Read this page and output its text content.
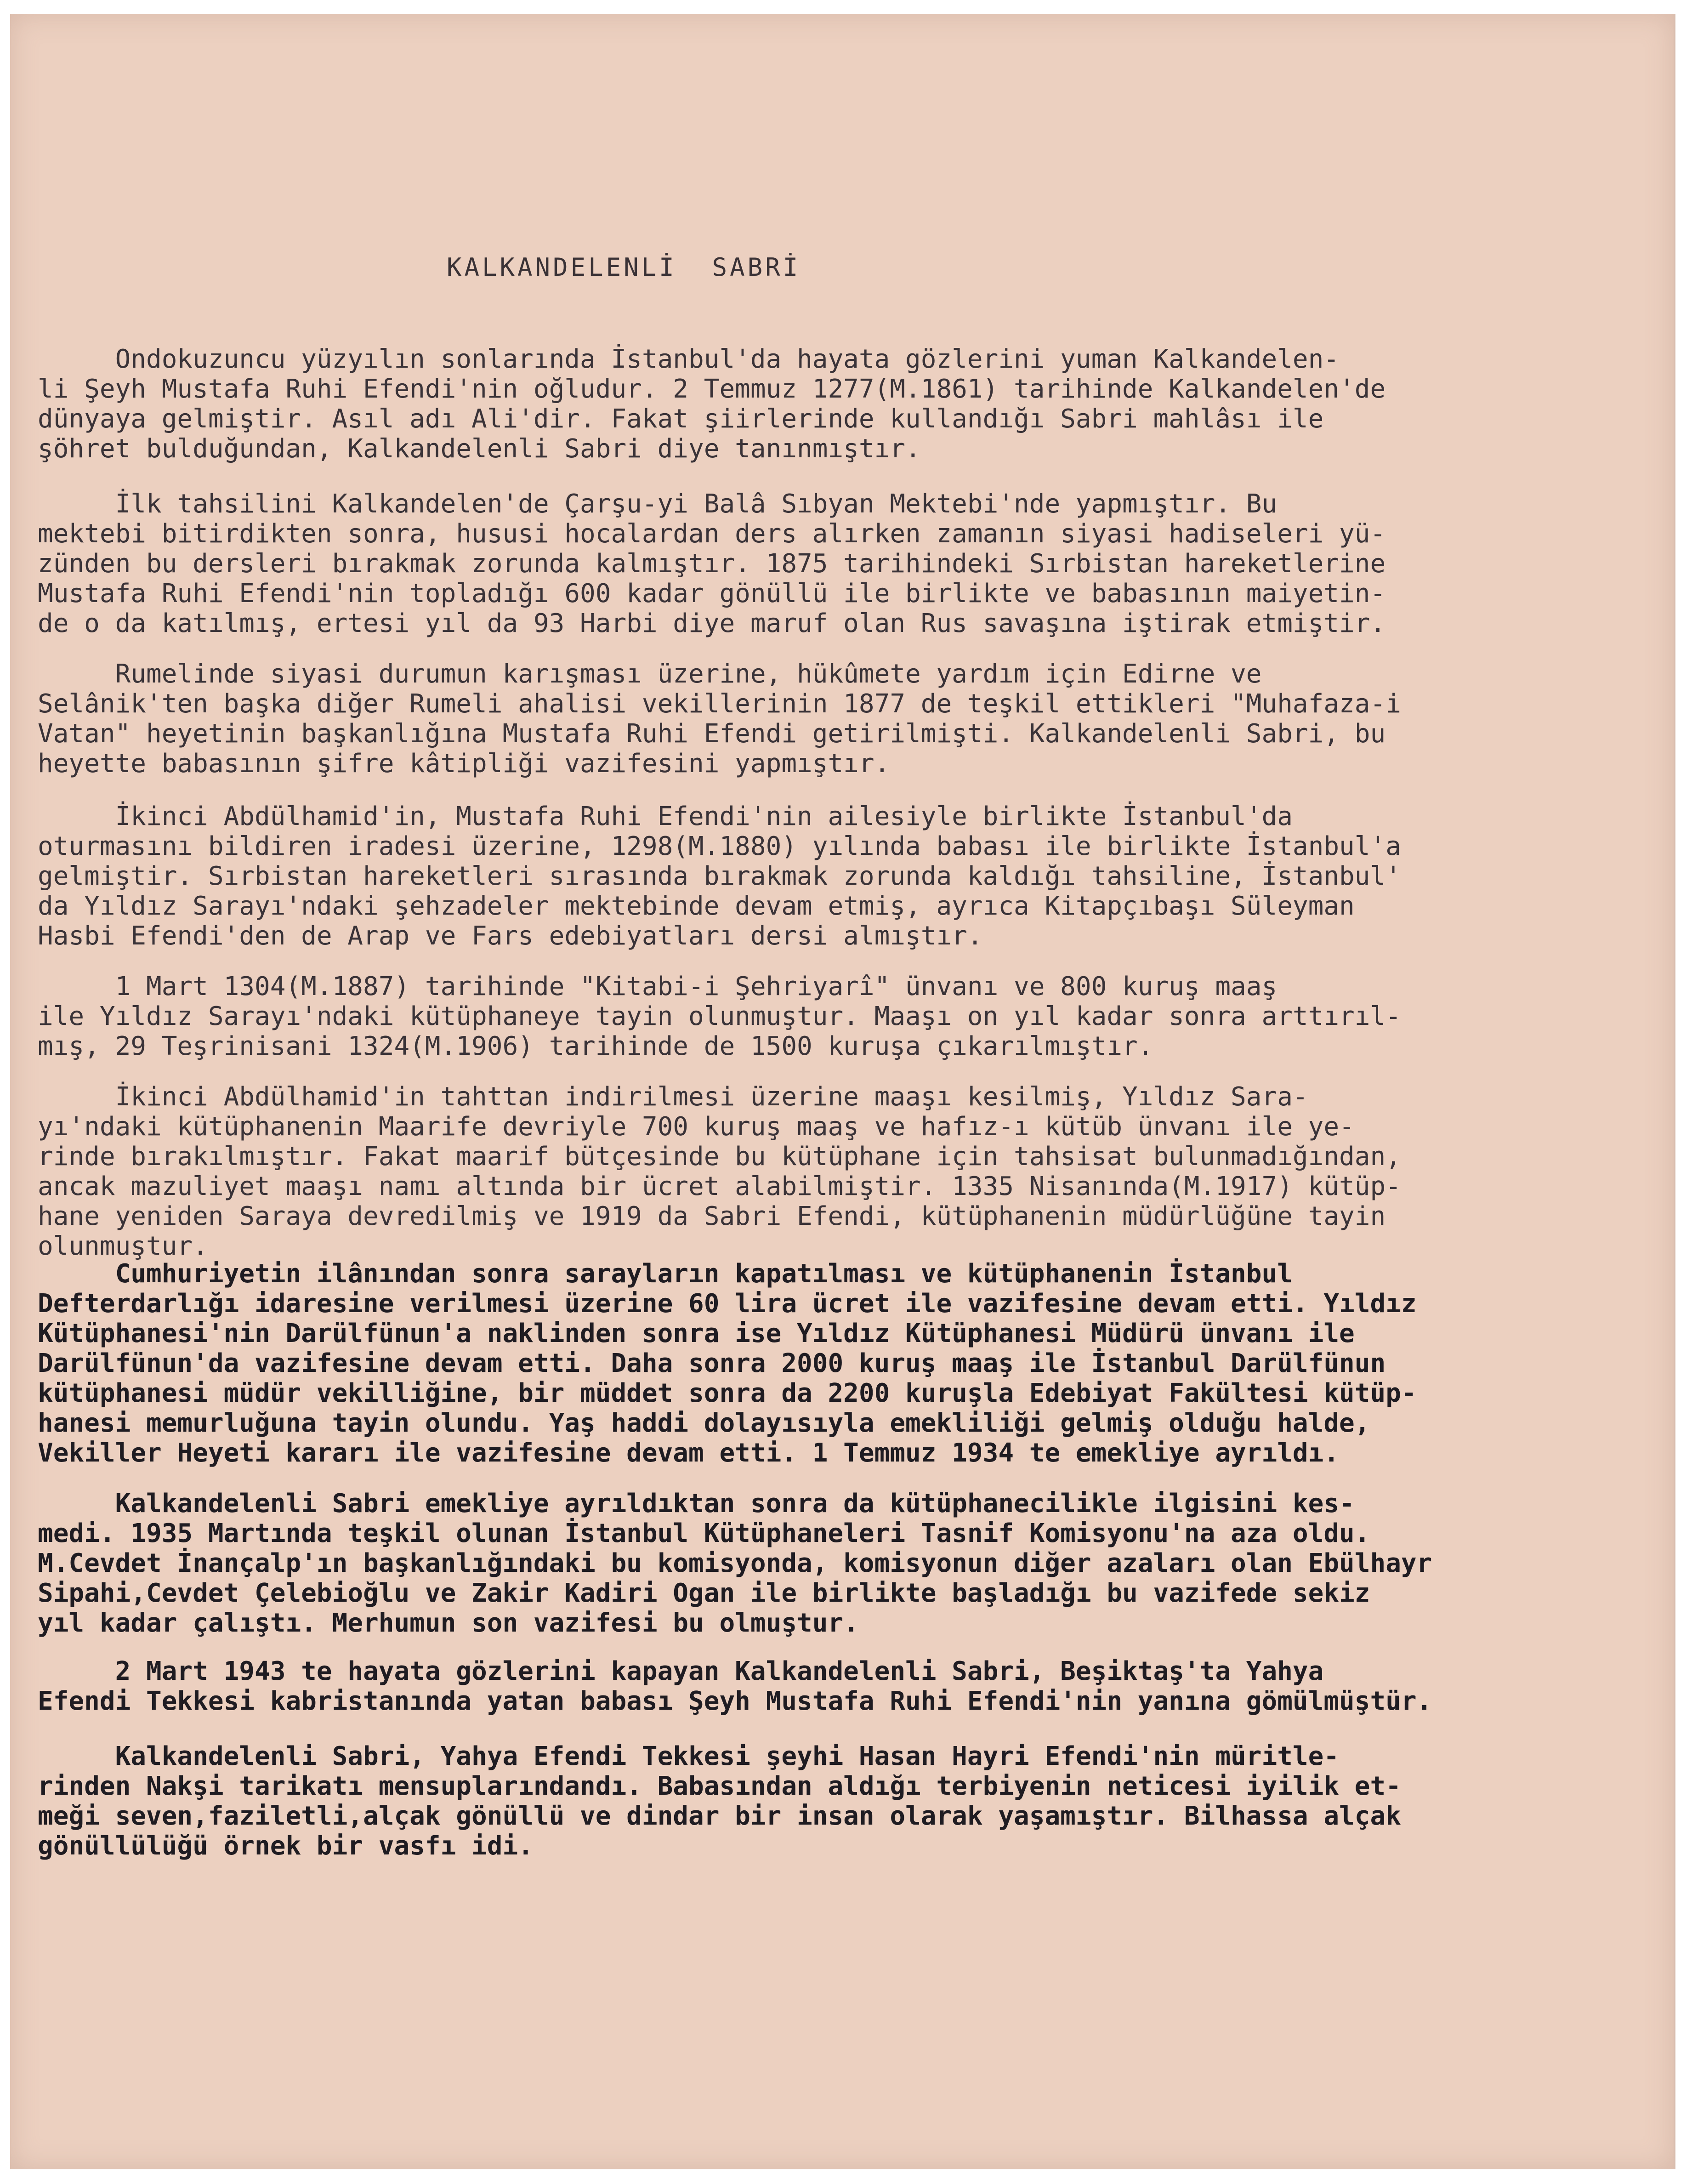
KALKANDELENLİ  SABRİ

Ondokuzuncu yüzyılın sonlarında İstanbul'da hayata gözlerini yuman Kalkandelen-

li Şeyh Mustafa Ruhi Efendi'nin oğludur. 2 Temmuz 1277(M.1861) tarihinde Kalkandelen'de

dünyaya gelmiştir. Asıl adı Ali'dir. Fakat şiirlerinde kullandığı Sabri mahlâsı ile

şöhret bulduğundan, Kalkandelenli Sabri diye tanınmıştır.

İlk tahsilini Kalkandelen'de Çarşu-yi Balâ Sıbyan Mektebi'nde yapmıştır. Bu

mektebi bitirdikten sonra, hususi hocalardan ders alırken zamanın siyasi hadiseleri yü-

zünden bu dersleri bırakmak zorunda kalmıştır. 1875 tarihindeki Sırbistan hareketlerine

Mustafa Ruhi Efendi'nin topladığı 600 kadar gönüllü ile birlikte ve babasının maiyetin-

de o da katılmış, ertesi yıl da 93 Harbi diye maruf olan Rus savaşına iştirak etmiştir.

Rumelinde siyasi durumun karışması üzerine, hükûmete yardım için Edirne ve

Selânik'ten başka diğer Rumeli ahalisi vekillerinin 1877 de teşkil ettikleri "Muhafaza-i

Vatan" heyetinin başkanlığına Mustafa Ruhi Efendi getirilmişti. Kalkandelenli Sabri, bu

heyette babasının şifre kâtipliği vazifesini yapmıştır.

İkinci Abdülhamid'in, Mustafa Ruhi Efendi'nin ailesiyle birlikte İstanbul'da

oturmasını bildiren iradesi üzerine, 1298(M.1880) yılında babası ile birlikte İstanbul'a

gelmiştir. Sırbistan hareketleri sırasında bırakmak zorunda kaldığı tahsiline, İstanbul'

da Yıldız Sarayı'ndaki şehzadeler mektebinde devam etmiş, ayrıca Kitapçıbaşı Süleyman

Hasbi Efendi'den de Arap ve Fars edebiyatları dersi almıştır.

1 Mart 1304(M.1887) tarihinde "Kitabi-i Şehriyarî" ünvanı ve 800 kuruş maaş

ile Yıldız Sarayı'ndaki kütüphaneye tayin olunmuştur. Maaşı on yıl kadar sonra arttırıl-

mış, 29 Teşrinisani 1324(M.1906) tarihinde de 1500 kuruşa çıkarılmıştır.

İkinci Abdülhamid'in tahttan indirilmesi üzerine maaşı kesilmiş, Yıldız Sara-

yı'ndaki kütüphanenin Maarife devriyle 700 kuruş maaş ve hafız-ı kütüb ünvanı ile ye-

rinde bırakılmıştır. Fakat maarif bütçesinde bu kütüphane için tahsisat bulunmadığından,

ancak mazuliyet maaşı namı altında bir ücret alabilmiştir. 1335 Nisanında(M.1917) kütüp-

hane yeniden Saraya devredilmiş ve 1919 da Sabri Efendi, kütüphanenin müdürlüğüne tayin

olunmuştur.

Cumhuriyetin ilânından sonra sarayların kapatılması ve kütüphanenin İstanbul

Defterdarlığı idaresine verilmesi üzerine 60 lira ücret ile vazifesine devam etti. Yıldız

Kütüphanesi'nin Darülfünun'a naklinden sonra ise Yıldız Kütüphanesi Müdürü ünvanı ile

Darülfünun'da vazifesine devam etti. Daha sonra 2000 kuruş maaş ile İstanbul Darülfünun

kütüphanesi müdür vekilliğine, bir müddet sonra da 2200 kuruşla Edebiyat Fakültesi kütüp-

hanesi memurluğuna tayin olundu. Yaş haddi dolayısıyla emekliliği gelmiş olduğu halde,

Vekiller Heyeti kararı ile vazifesine devam etti. 1 Temmuz 1934 te emekliye ayrıldı.

Kalkandelenli Sabri emekliye ayrıldıktan sonra da kütüphanecilikle ilgisini kes-

medi. 1935 Martında teşkil olunan İstanbul Kütüphaneleri Tasnif Komisyonu'na aza oldu.

M.Cevdet İnançalp'ın başkanlığındaki bu komisyonda, komisyonun diğer azaları olan Ebülhayr

Sipahi,Cevdet Çelebioğlu ve Zakir Kadiri Ogan ile birlikte başladığı bu vazifede sekiz

yıl kadar çalıştı. Merhumun son vazifesi bu olmuştur.

2 Mart 1943 te hayata gözlerini kapayan Kalkandelenli Sabri, Beşiktaş'ta Yahya

Efendi Tekkesi kabristanında yatan babası Şeyh Mustafa Ruhi Efendi'nin yanına gömülmüştür.

Kalkandelenli Sabri, Yahya Efendi Tekkesi şeyhi Hasan Hayri Efendi'nin müritle-

rinden Nakşi tarikatı mensuplarındandı. Babasından aldığı terbiyenin neticesi iyilik et-

meği seven,faziletli,alçak gönüllü ve dindar bir insan olarak yaşamıştır. Bilhassa alçak

gönüllülüğü örnek bir vasfı idi.
